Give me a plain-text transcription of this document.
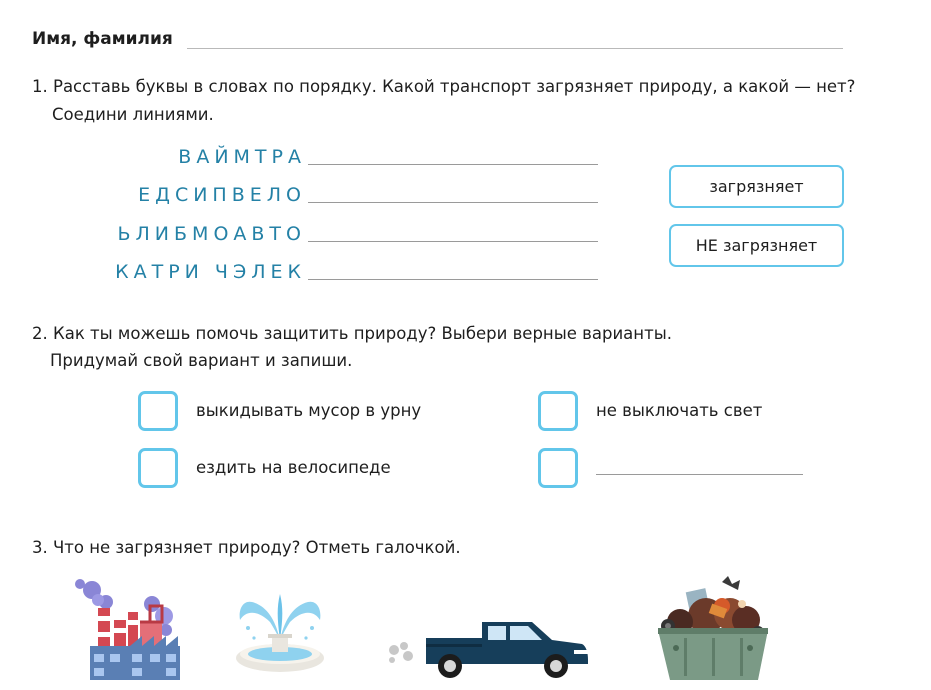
Имя, фамилия
1. Расставь буквы в словах по порядку. Какой транспорт загрязняет природу, а какой — нет?
Соедини линиями.
ВАЙМТРА
ЕДСИПВЕЛО
ЬЛИБМОАВТО
КАТРИ ЧЭЛЕК
загрязняет
НЕ загрязняет
2. Как ты можешь помочь защитить природу? Выбери верные варианты.
Придумай свой вариант и запиши.
выкидывать мусор в урну	не выключать свет
ездить на велосипеде
3. Что не загрязняет природу? Отметь галочкой.
